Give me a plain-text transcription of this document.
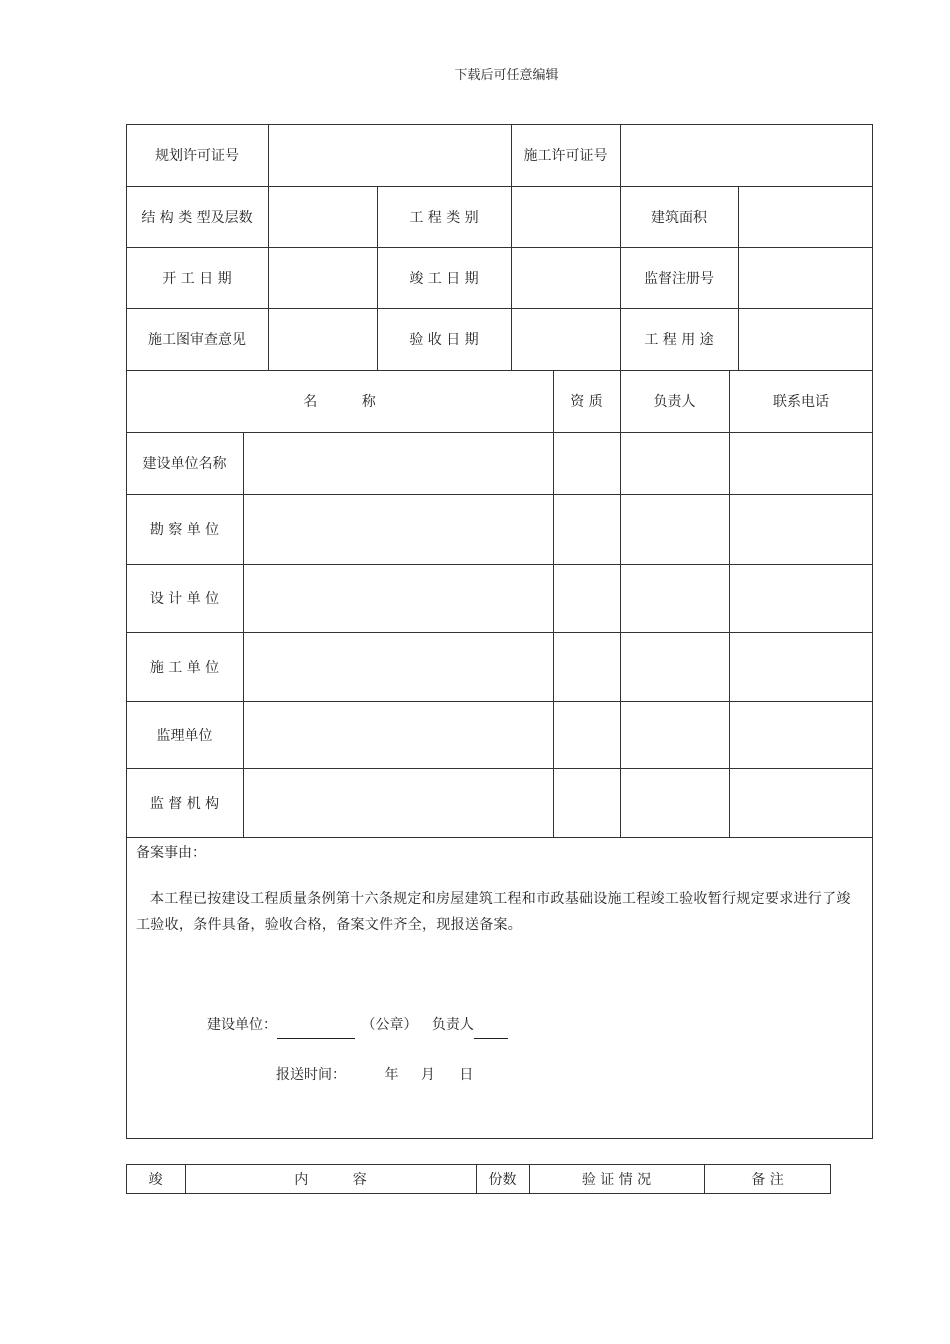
下载后可任意编辑
规划许可证号	施工许可证号
结 构 类 型及层数	工 程 类 别	建筑面积
开 工 日 期	竣 工 日 期	监督注册号
施工图审查意见	验 收 日 期	工 程 用 途
名          称	资 质	负责人	联系电话
建设单位名称
勘 察 单 位
设 计 单 位
施 工 单 位
监理单位
监 督 机 构
备案事由：
本工程已按建设工程质量条例第十六条规定和房屋建筑工程和市政基础设施工程竣工验收暂行规定要求进行了竣工验收，条件具备，验收合格，备案文件齐全，现报送备案。
建设单位：	（公章） 负责人
报送时间：	年 月 日
竣	内          容	份数	验 证 情 况	备 注
